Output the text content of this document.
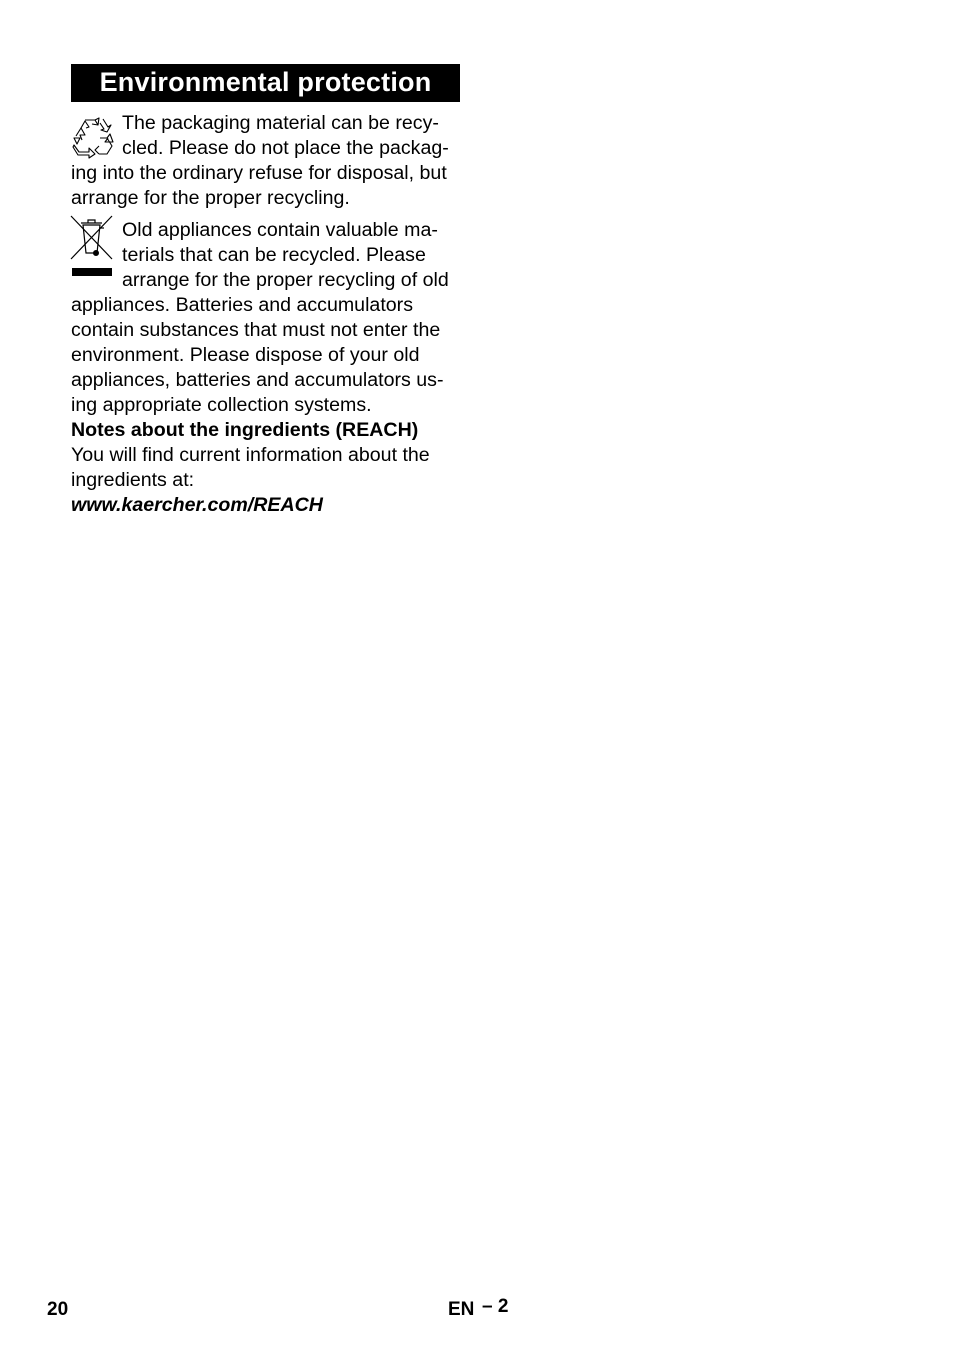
Environmental protection
The packaging material can be recy-
cled. Please do not place the packag-
ing into the ordinary refuse for disposal, but
arrange for the proper recycling.
Old appliances contain valuable ma-
terials that can be recycled. Please
arrange for the proper recycling of old
appliances. Batteries and accumulators
contain substances that must not enter the
environment. Please dispose of your old
appliances, batteries and accumulators us-
ing appropriate collection systems.
Notes about the ingredients (REACH)
You will find current information about the
ingredients at:
www.kaercher.com/REACH
20	EN – 2
